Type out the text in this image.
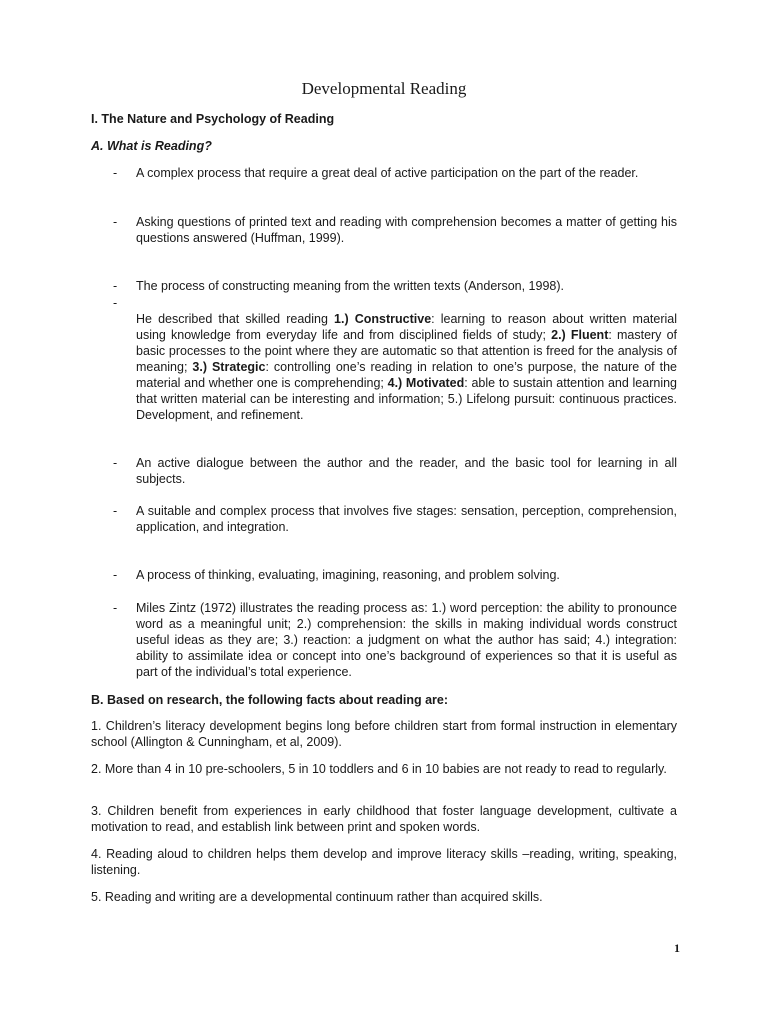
Developmental Reading
I. The Nature and Psychology of Reading
A. What is Reading?
- A complex process that require a great deal of active participation on the part of the reader.
- Asking questions of printed text and reading with comprehension becomes a matter of getting his questions answered (Huffman, 1999).
- The process of constructing meaning from the written texts (Anderson, 1998).
-
He described that skilled reading 1.) Constructive: learning to reason about written material using knowledge from everyday life and from disciplined fields of study; 2.) Fluent: mastery of basic processes to the point where they are automatic so that attention is freed for the analysis of meaning; 3.) Strategic: controlling one’s reading in relation to one’s purpose, the nature of the material and whether one is comprehending; 4.) Motivated: able to sustain attention and learning that written material can be interesting and information; 5.) Lifelong pursuit: continuous practices. Development, and refinement.
- An active dialogue between the author and the reader, and the basic tool for learning in all subjects.
- A suitable and complex process that involves five stages: sensation, perception, comprehension, application, and integration.
- A process of thinking, evaluating, imagining, reasoning, and problem solving.
- Miles Zintz (1972) illustrates the reading process as: 1.) word perception: the ability to pronounce word as a meaningful unit; 2.) comprehension: the skills in making individual words construct useful ideas as they are; 3.) reaction: a judgment on what the author has said; 4.) integration: ability to assimilate idea or concept into one’s background of experiences so that it is useful as part of the individual’s total experience.
B. Based on research, the following facts about reading are:
1. Children’s literacy development begins long before children start from formal instruction in elementary school (Allington & Cunningham, et al, 2009).
2. More than 4 in 10 pre-schoolers, 5 in 10 toddlers and 6 in 10 babies are not ready to read to regularly.
3. Children benefit from experiences in early childhood that foster language development, cultivate a motivation to read, and establish link between print and spoken words.
4. Reading aloud to children helps them develop and improve literacy skills –reading, writing, speaking, listening.
5. Reading and writing are a developmental continuum rather than acquired skills.
1
